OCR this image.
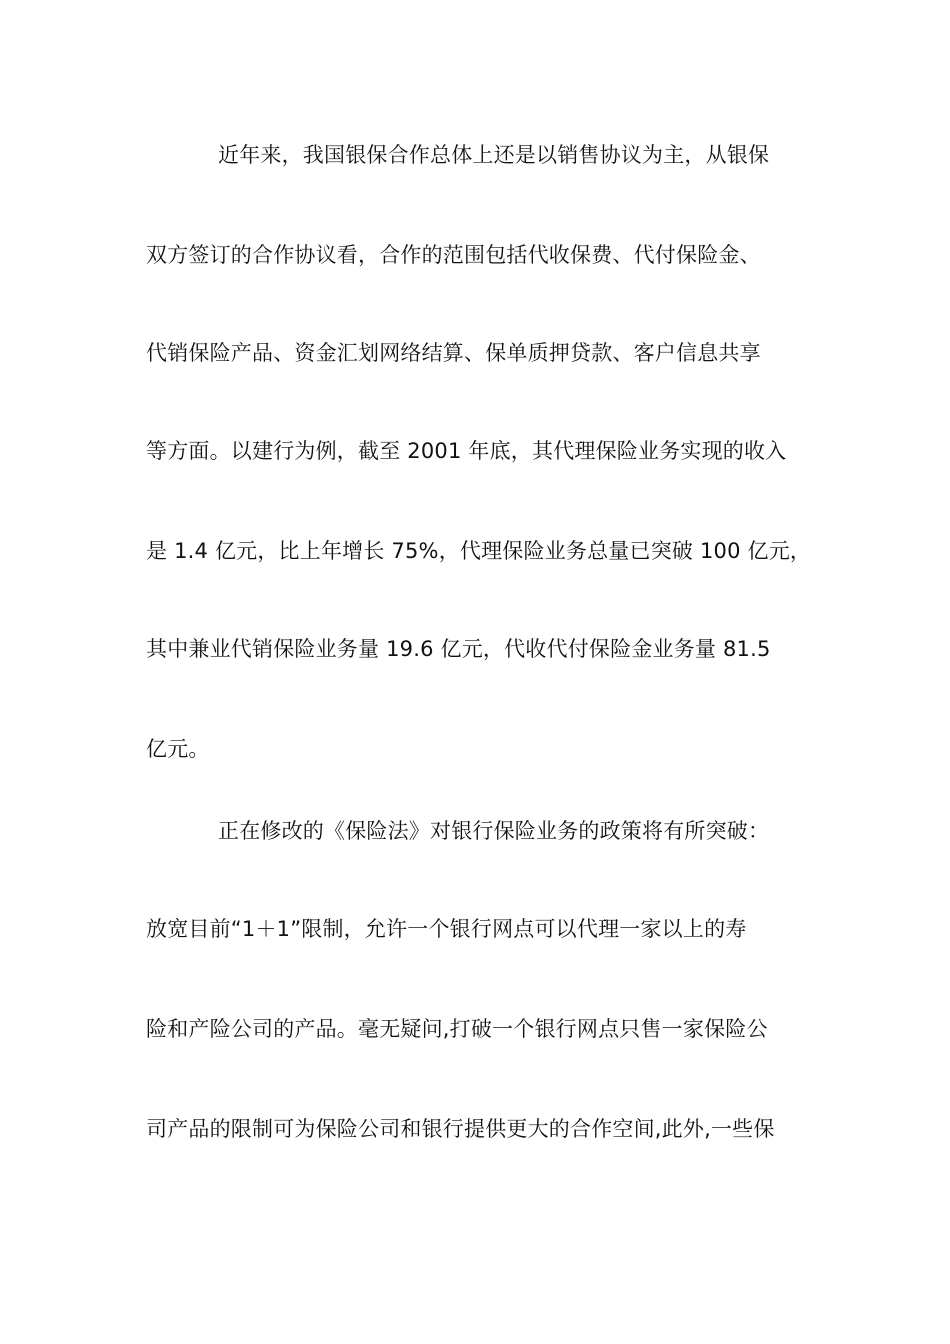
近年来，我国银保合作总体上还是以销售协议为主，从银保
双方签订的合作协议看，合作的范围包括代收保费、代付保险金、
代销保险产品、资金汇划网络结算、保单质押贷款、客户信息共享
等方面。以建行为例，截至 2001 年底，其代理保险业务实现的收入
是 1.4 亿元，比上年增长 75%，代理保险业务总量已突破 100 亿元，
其中兼业代销保险业务量 19.6 亿元，代收代付保险金业务量 81.5
亿元。
正在修改的《保险法》对银行保险业务的政策将有所突破：
放宽目前“1＋1”限制，允许一个银行网点可以代理一家以上的寿
险和产险公司的产品。毫无疑问,打破一个银行网点只售一家保险公
司产品的限制可为保险公司和银行提供更大的合作空间,此外,一些保
